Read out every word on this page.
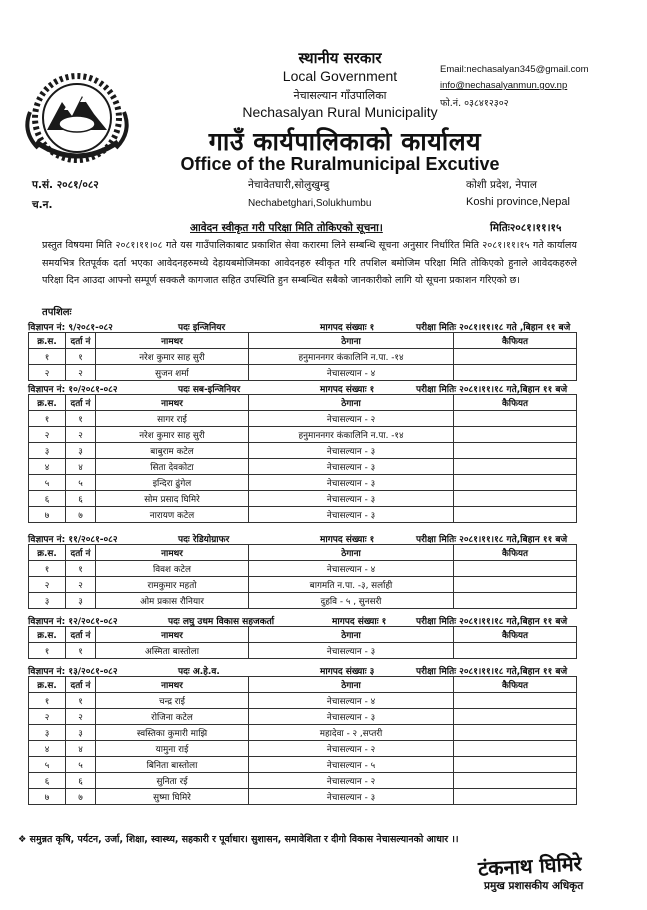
स्थानीय सरकार
Local Government
नेचासल्यान गाँउपालिका
Nechasalyan Rural Municipality
गाउँ कार्यपालिकाको कार्यालय
Office of the Ruralmunicipal Excutive
Email:nechasalyan345@gmail.com
info@nechasalyanmun.gov.np
फो.नं. ०३८४१२३०२
प.सं. २०८१/०८२
च.न.
नेचावेतघारी,सोलुखुम्बु
Nechabetghari,Solukhumbu
कोशी प्रदेश, नेपाल
Koshi province,Nepal
आवेदन स्वीकृत गरी परिक्षा मिति तोकिएको सूचना।	मितिः२०८१।११।१५
प्रस्तुत विषयमा मिति २०८१।११।०८ गते यस गाउँपालिकाबाट प्रकाशित सेवा करारमा लिने सम्बन्धि सूचना अनुसार निर्धारित मिति २०८१।११।१५ गते कार्यालय समयभित्र रितपूर्वक दर्ता भएका आवेदनहरुमध्ये देहायबमोजिमका आवेदनहरु स्वीकृत गरि तपशिल बमोजिम परिक्षा मिति तोकिएको हुनाले आवेदकहरुले परिक्षा दिन आउदा आफ्नो सम्पूर्ण सक्कलै कागजात सहित उपस्थिति हुन सम्बन्धित सबैको जानकारीको लागि यो सूचना प्रकाशन गरिएको छ।
तपशिलः
विज्ञापन नं: ९/२०८१-०८२	पदः इन्जिनियर	मागपद संख्याः १	परीक्षा मितिः २०८१।११।१८ गते ,बिहान ११ बजे
क्र.स.	दर्ता नं	नामथर	ठेगाना	कैफियत
१	१	नरेश कुमार साह सुरी	हनुमाननगर कंकालिनि न.पा. -१४	
२	२	सुजन शर्मा	नेचासल्यान - ४	
विज्ञापन नं: १०/२०८१-०८२	पदः सब-इन्जिनियर	मागपद संख्याः १	परीक्षा मितिः २०८१।११।१८ गते,बिहान ११ बजे
क्र.स.	दर्ता नं	नामथर	ठेगाना	कैफियत
१	१	सागर राई	नेचासल्यान - २	
२	२	नरेश कुमार साह सुरी	हनुमाननगर कंकालिनि न.पा. -१४	
३	३	बाबुराम कटेल	नेचासल्यान - ३	
४	४	सिता देवकोटा	नेचासल्यान - ३	
५	५	इन्दिरा ढुंगेल	नेचासल्यान - ३	
६	६	सोम प्रसाद घिमिरे	नेचासल्यान - ३	
७	७	नारायण कटेल	नेचासल्यान - ३	
विज्ञापन नं: ११/२०८१-०८२	पदः रेडियोग्राफर	मागपद संख्याः १	परीक्षा मितिः २०८१।११।१८ गते,बिहान ११ बजे
क्र.स.	दर्ता नं	नामथर	ठेगाना	कैफियत
१	१	विवश कटेल	नेचासल्यान - ४	
२	२	रामकुमार महतो	बागमति न.पा. -३, सर्लाही	
३	३	ओम प्रकास रौनियार	दुहवि - ५ , सुनसरी	
विज्ञापन नं: १२/२०८१-०८२	पदः लघु उधम विकास सहजकर्ता	मागपद संख्याः १	परीक्षा मितिः २०८१।११।१८ गते,बिहान ११ बजे
क्र.स.	दर्ता नं	नामथर	ठेगाना	कैफियत
१	१	अस्मिता बास्तोला	नेचासल्यान - ३	
विज्ञापन नं: १३/२०८१-०८२	पदः अ.हे.व.	मागपद संख्याः ३	परीक्षा मितिः २०८१।११।१८ गते,बिहान ११ बजे
क्र.स.	दर्ता नं	नामथर	ठेगाना	कैफियत
१	१	चन्द्र राई	नेचासल्यान - ४	
२	२	रोजिना कटेल	नेचासल्यान - ३	
३	३	स्वस्तिका कुमारी माझि	महादेवा - २ ,सप्तरी	
४	४	यामुना राई	नेचासल्यान - २	
५	५	बिनिता बास्तोला	नेचासल्यान - ५	
६	६	सुनिता रई	नेचासल्यान - २	
७	७	सुष्मा घिमिरे	नेचासल्यान - ३	
❖ समुन्नत कृषि, पर्यटन, उर्जा, शिक्षा, स्वास्थ्य, सहकारी र पूर्वाधार। सुशासन, समावेशिता र दीगो विकास नेचासल्यानको आधार ।।
टंकनाथ घिमिरे
प्रमुख प्रशासकीय अधिकृत
